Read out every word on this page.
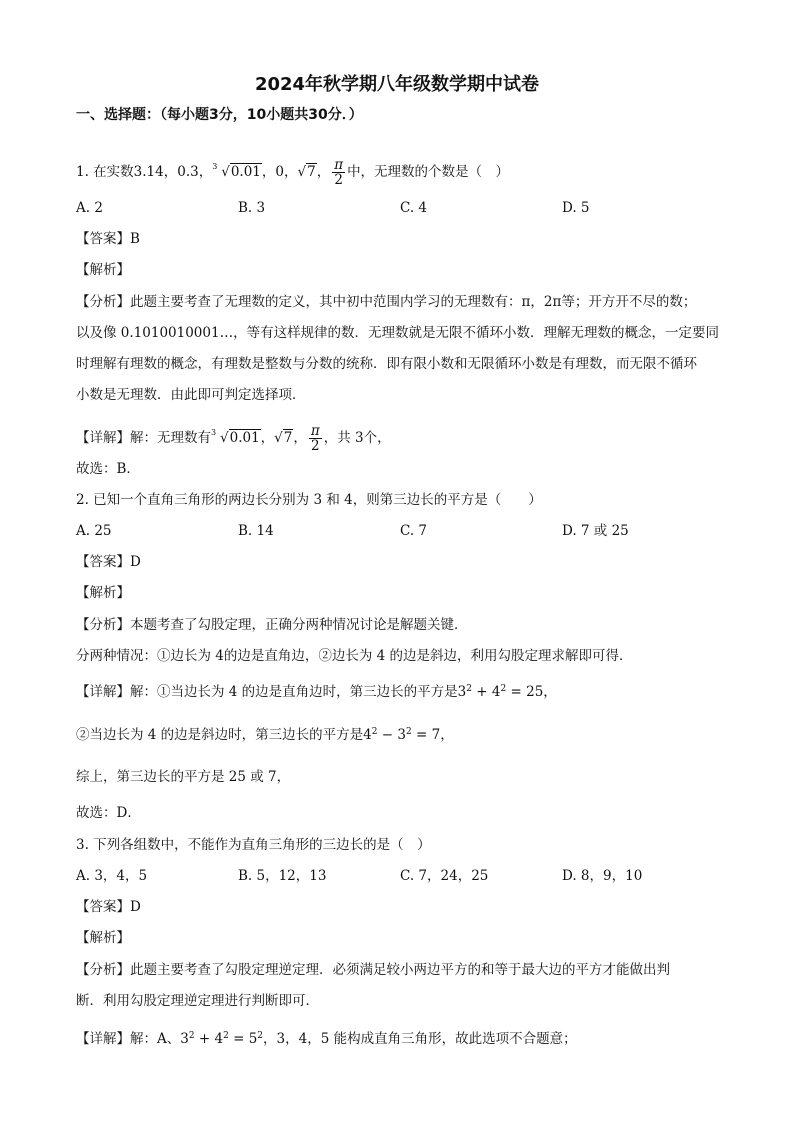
2024年秋学期八年级数学期中试卷
一、选择题：（每小题3分，10小题共30分．）
1. 在实数3.14，0.3， 3 √0.01，0，√7， $\frac{\pi}{2}$ 中，无理数的个数是（　）
A. 2	B. 3	C. 4	D. 5
【答案】B
【解析】
【分析】此题主要考查了无理数的定义，其中初中范围内学习的无理数有：π，2π等；开方开不尽的数；
以及像 0.1010010001…，等有这样规律的数．无理数就是无限不循环小数．理解无理数的概念，一定要同
时理解有理数的概念，有理数是整数与分数的统称．即有限小数和无限循环小数是有理数，而无限不循环
小数是无理数．由此即可判定选择项．
【详解】解：无理数有 3 √0.01，√7， $\frac{\pi}{2}$ ，共 3个，
故选：B．
2. 已知一个直角三角形的两边长分别为 3 和 4，则第三边长的平方是（　　）
A. 25	B. 14	C. 7	D. 7 或 25
【答案】D
【解析】
【分析】本题考查了勾股定理，正确分两种情况讨论是解题关键．
分两种情况：①边长为 4的边是直角边，②边长为 4 的边是斜边，利用勾股定理求解即可得．
【详解】解：①当边长为 4 的边是直角边时，第三边长的平方是$3^2 + 4^2 = 25$，
②当边长为 4 的边是斜边时，第三边长的平方是$4^2 - 3^2 = 7$，
综上，第三边长的平方是 25 或 7，
故选：D．
3. 下列各组数中，不能作为直角三角形的三边长的是（　）
A. 3，4，5	B. 5，12，13	C. 7，24，25	D. 8，9，10
【答案】D
【解析】
【分析】此题主要考查了勾股定理逆定理．必须满足较小两边平方的和等于最大边的平方才能做出判
断．利用勾股定理逆定理进行判断即可．
【详解】解：A、$3^2 + 4^2 = 5^2$，3，4，5 能构成直角三角形，故此选项不合题意；
